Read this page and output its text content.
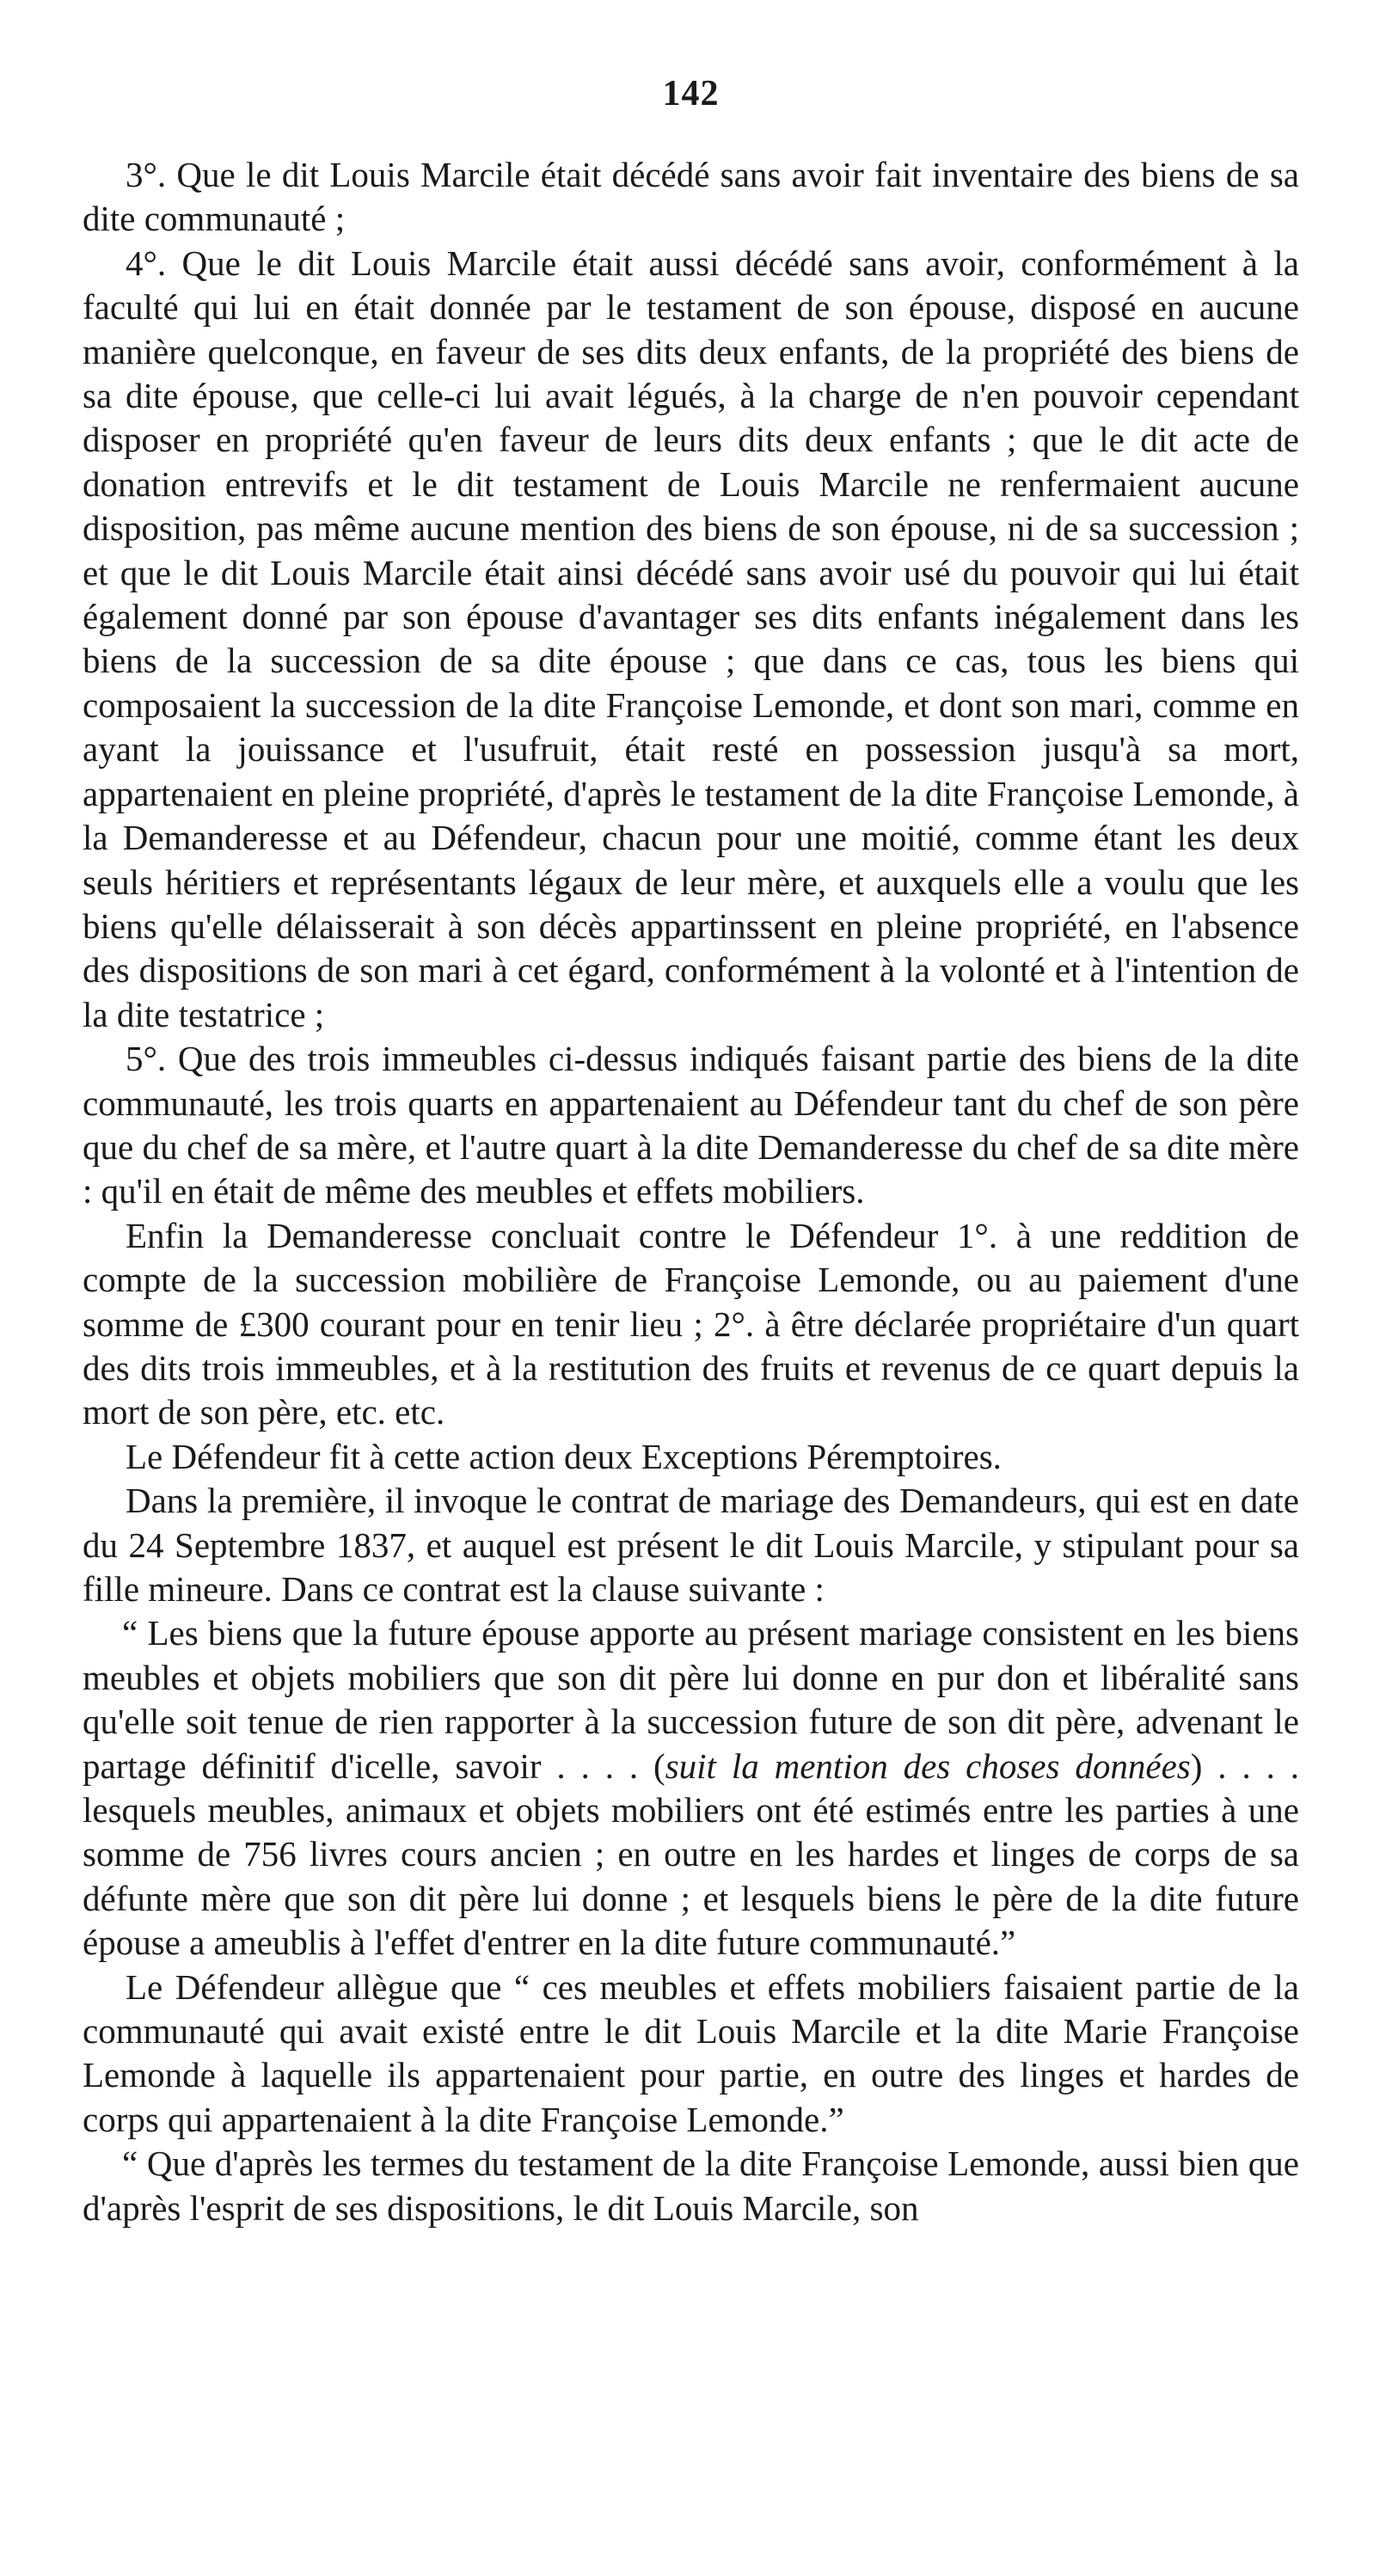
142

3°. Que le dit Louis Marcile était décédé sans avoir fait inventaire des biens de sa dite communauté ;

4°. Que le dit Louis Marcile était aussi décédé sans avoir, conformément à la faculté qui lui en était donnée par le testament de son épouse, disposé en aucune manière quelconque, en faveur de ses dits deux enfants, de la propriété des biens de sa dite épouse, que celle-ci lui avait légués, à la charge de n'en pouvoir cependant disposer en propriété qu'en faveur de leurs dits deux enfants ; que le dit acte de donation entrevifs et le dit testament de Louis Marcile ne renfermaient aucune disposition, pas même aucune mention des biens de son épouse, ni de sa succession ; et que le dit Louis Marcile était ainsi décédé sans avoir usé du pouvoir qui lui était également donné par son épouse d'avantager ses dits enfants inégalement dans les biens de la succession de sa dite épouse ; que dans ce cas, tous les biens qui composaient la succession de la dite Françoise Lemonde, et dont son mari, comme en ayant la jouissance et l'usufruit, était resté en possession jusqu'à sa mort, appartenaient en pleine propriété, d'après le testament de la dite Françoise Lemonde, à la Demanderesse et au Défendeur, chacun pour une moitié, comme étant les deux seuls héritiers et représentants légaux de leur mère, et auxquels elle a voulu que les biens qu'elle délaisserait à son décès appartinssent en pleine propriété, en l'absence des dispositions de son mari à cet égard, conformément à la volonté et à l'intention de la dite testatrice ;

5°. Que des trois immeubles ci-dessus indiqués faisant partie des biens de la dite communauté, les trois quarts en appartenaient au Défendeur tant du chef de son père que du chef de sa mère, et l'autre quart à la dite Demanderesse du chef de sa dite mère : qu'il en était de même des meubles et effets mobiliers.

Enfin la Demanderesse concluait contre le Défendeur 1°. à une reddition de compte de la succession mobilière de Françoise Lemonde, ou au paiement d'une somme de £300 courant pour en tenir lieu ; 2°. à être déclarée propriétaire d'un quart des dits trois immeubles, et à la restitution des fruits et revenus de ce quart depuis la mort de son père, etc. etc.

Le Défendeur fit à cette action deux Exceptions Péremptoires.

Dans la première, il invoque le contrat de mariage des Demandeurs, qui est en date du 24 Septembre 1837, et auquel est présent le dit Louis Marcile, y stipulant pour sa fille mineure. Dans ce contrat est la clause suivante :

“ Les biens que la future épouse apporte au présent mariage consistent en les biens meubles et objets mobiliers que son dit père lui donne en pur don et libéralité sans qu'elle soit tenue de rien rapporter à la succession future de son dit père, advenant le partage définitif d'icelle, savoir . . . . (suit la mention des choses données) . . . . lesquels meubles, animaux et objets mobiliers ont été estimés entre les parties à une somme de 756 livres cours ancien ; en outre en les hardes et linges de corps de sa défunte mère que son dit père lui donne ; et lesquels biens le père de la dite future épouse a ameublis à l'effet d'entrer en la dite future communauté.”

Le Défendeur allègue que “ ces meubles et effets mobiliers faisaient partie de la communauté qui avait existé entre le dit Louis Marcile et la dite Marie Françoise Lemonde à laquelle ils appartenaient pour partie, en outre des linges et hardes de corps qui appartenaient à la dite Françoise Lemonde.”

“ Que d'après les termes du testament de la dite Françoise Lemonde, aussi bien que d'après l'esprit de ses dispositions, le dit Louis Marcile, son
